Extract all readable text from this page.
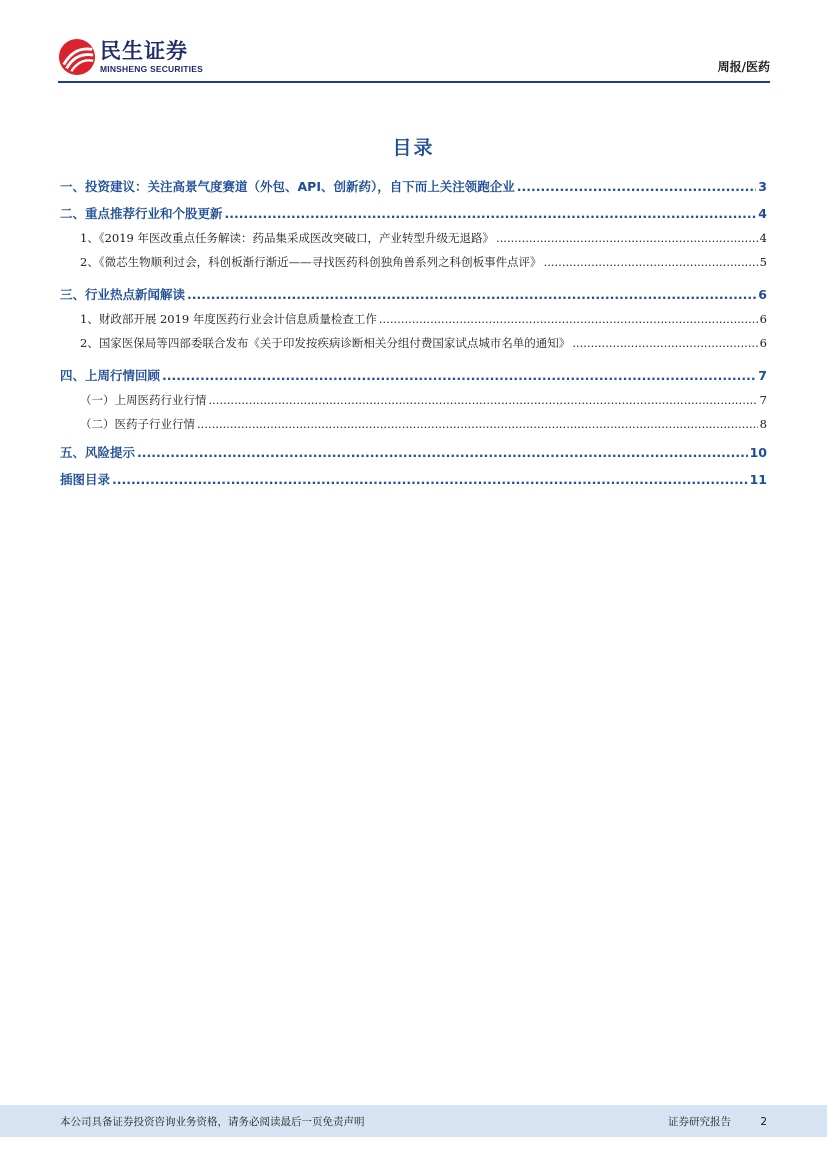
民生证券
MINSHENG SECURITIES	周报/医药
目录
一、投资建议：关注高景气度赛道（外包、API、创新药），自下而上关注领跑企业 .....	3
二、重点推荐行业和个股更新 .....	4
1、《2019 年医改重点任务解读：药品集采成医改突破口，产业转型升级无退路》 .....	4
2、《微芯生物顺利过会，科创板渐行渐近——寻找医药科创独角兽系列之科创板事件点评》 .....	5
三、行业热点新闻解读 .....	6
1、财政部开展 2019 年度医药行业会计信息质量检查工作 .....	6
2、国家医保局等四部委联合发布《关于印发按疾病诊断相关分组付费国家试点城市名单的通知》 .....	6
四、上周行情回顾 .....	7
（一）上周医药行业行情 .....	7
（二）医药子行业行情 .....	8
五、风险提示 .....	10
插图目录 .....	11
本公司具备证券投资咨询业务资格，请务必阅读最后一页免责声明	证券研究报告	2
